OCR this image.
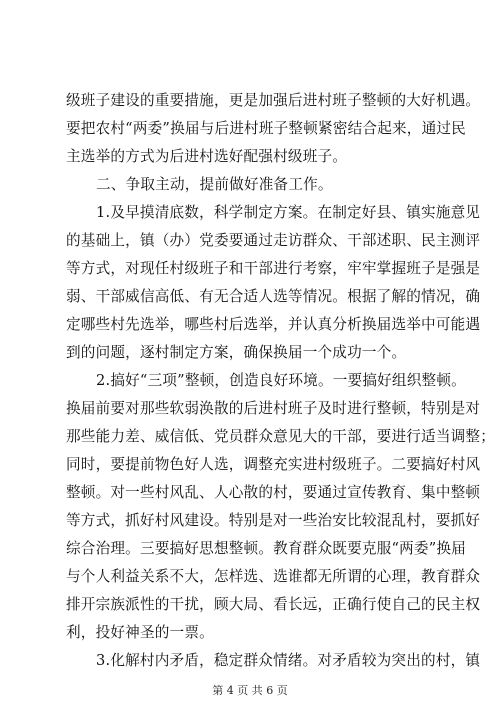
级班子建设的重要措施，更是加强后进村班子整顿的大好机遇。
要把农村“两委”换届与后进村班子整顿紧密结合起来，通过民
主选举的方式为后进村选好配强村级班子。
二、争取主动，提前做好准备工作。
1.及早摸清底数，科学制定方案。在制定好县、镇实施意见
的基础上，镇（办）党委要通过走访群众、干部述职、民主测评
等方式，对现任村级班子和干部进行考察，牢牢掌握班子是强是
弱、干部威信高低、有无合适人选等情况。根据了解的情况，确
定哪些村先选举，哪些村后选举，并认真分析换届选举中可能遇
到的问题，逐村制定方案，确保换届一个成功一个。
2.搞好“三项”整顿，创造良好环境。一要搞好组织整顿。
换届前要对那些软弱涣散的后进村班子及时进行整顿，特别是对
那些能力差、威信低、党员群众意见大的干部，要进行适当调整；
同时，要提前物色好人选，调整充实进村级班子。二要搞好村风
整顿。对一些村风乱、人心散的村，要通过宣传教育、集中整顿
等方式，抓好村风建设。特别是对一些治安比较混乱村，要抓好
综合治理。三要搞好思想整顿。教育群众既要克服“两委”换届
与个人利益关系不大，怎样选、选谁都无所谓的心理，教育群众
排开宗族派性的干扰，顾大局、看长远，正确行使自己的民主权
利，投好神圣的一票。
3.化解村内矛盾，稳定群众情绪。对矛盾较为突出的村，镇
第 4 页 共 6 页
